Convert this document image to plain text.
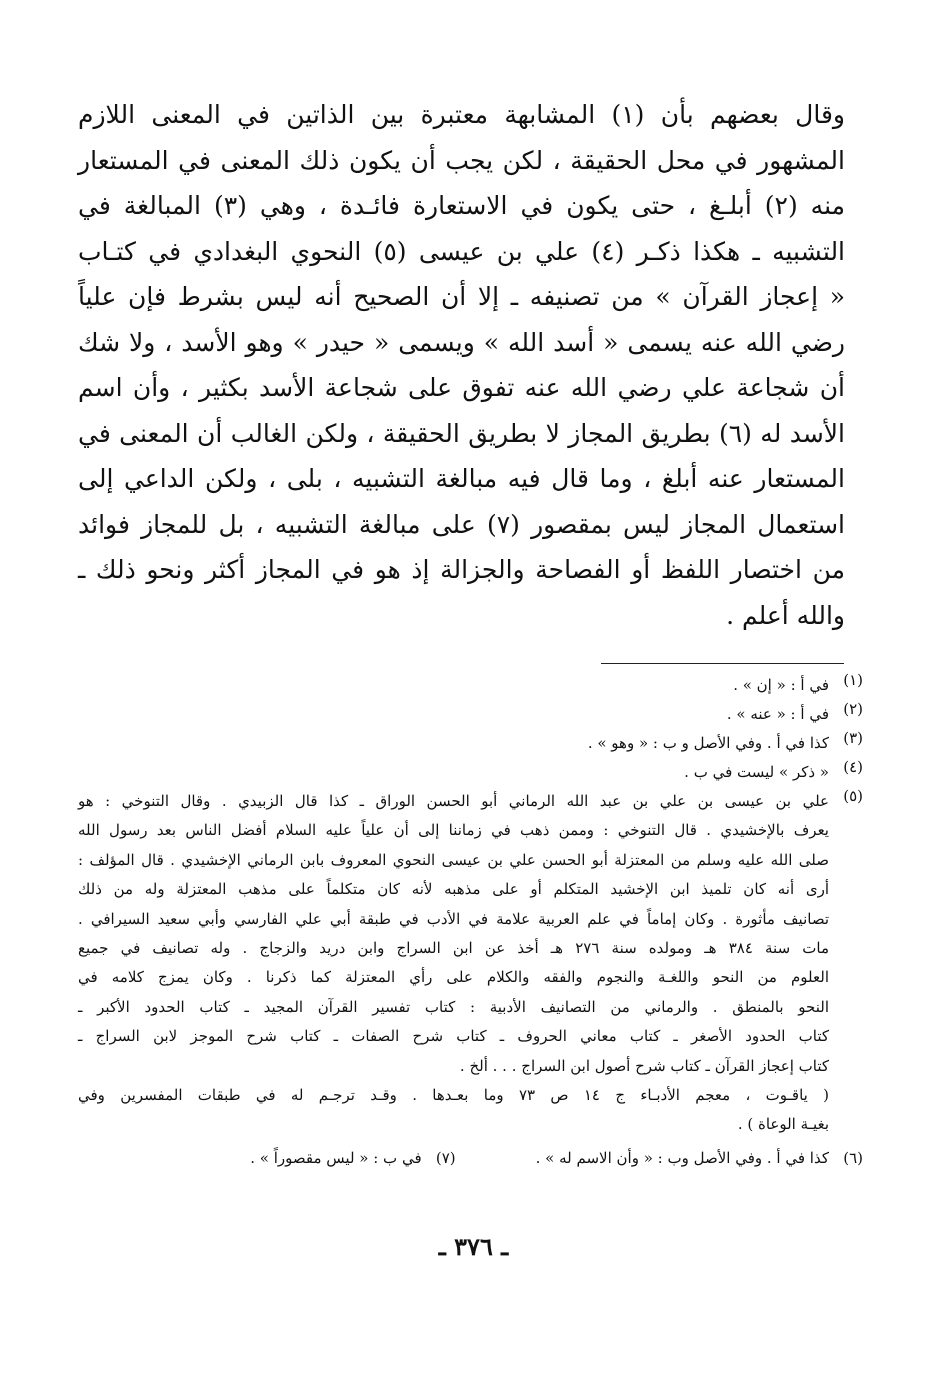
وقال بعضهم بأن (١) المشابهة معتبرة بين الذاتين في المعنى اللازم
المشهور في محل الحقيقة ، لكن يجب أن يكون ذلك المعنى في المستعار
منه (٢) أبلـغ ، حتى يكون في الاستعارة فائـدة ، وهي (٣) المبالغة في
التشبيه ـ هكذا ذكـر (٤) علي بن عيسى (٥) النحوي البغدادي في كتـاب
« إعجاز القرآن » من تصنيفه ـ إلا أن الصحيح أنه ليس بشرط فإن علياً
رضي الله عنه يسمى « أسد الله » ويسمى « حيدر » وهو الأسد ، ولا شك
أن شجاعة علي رضي الله عنه تفوق على شجاعة الأسد بكثير ، وأن اسم
الأسد له (٦) بطريق المجاز لا بطريق الحقيقة ، ولكن الغالب أن المعنى في
المستعار عنه أبلغ ، وما قال فيه مبالغة التشبيه ، بلى ، ولكن الداعي إلى
استعمال المجاز ليس بمقصور (٧) على مبالغة التشبيه ، بل للمجاز فوائد
من اختصار اللفظ أو الفصاحة والجزالة إذ هو في المجاز أكثر ونحو ذلك ـ
والله أعلم .
(١)
في أ : « إن » .
(٢)
في أ : « عنه » .
(٣)
كذا في أ . وفي الأصل و ب : « وهو » .
(٤)
« ذكر » ليست في ب .
(٥)
علي بن عيسى بن علي بن عبد الله الرماني أبو الحسن الوراق ـ كذا قال الزبيدي . وقال التنوخي : هو
يعرف بالإخشيدي . قال التنوخي : وممن ذهب في زماننا إلى أن علياً عليه السلام أفضل الناس بعد رسول الله
صلى الله عليه وسلم من المعتزلة أبو الحسن علي بن عيسى النحوي المعروف بابن الرماني الإخشيدي . قال المؤلف :
أرى أنه كان تلميذ ابن الإخشيد المتكلم أو على مذهبه لأنه كان متكلماً على مذهب المعتزلة وله من ذلك
تصانيف مأثورة . وكان إماماً في علم العربية علامة في الأدب في طبقة أبي علي الفارسي وأبي سعيد السيرافي .
مات سنة ٣٨٤ هـ ومولده سنة ٢٧٦ هـ أخذ عن ابن السراج وابن دريد والزجاج . وله تصانيف في جميع
العلوم من النحو واللغـة والنجوم والفقه والكلام على رأي المعتزلة كما ذكرنا . وكان يمزج كلامه في
النحو بالمنطق . والرماني من التصانيف الأدبية : كتاب تفسير القرآن المجيد ـ كتاب الحدود الأكبر ـ
كتاب الحدود الأصغر ـ كتاب معاني الحروف ـ كتاب شرح الصفات ـ كتاب شرح الموجز لابن السراج ـ
كتاب إعجاز القرآن ـ كتاب شرح أصول ابن السراج . . . ألخ .
( ياقـوت ، معجم الأدبـاء ج ١٤ ص ٧٣ وما بعـدها . وقـد ترجـم له في طبقات المفسرين وفي
بغيـة الوعاة ) .
(٦)
كذا في أ . وفي الأصل وب : « وأن الاسم له » .
(٧)
في ب : « ليس مقصوراً » .
ـ ٣٧٦ ـ
